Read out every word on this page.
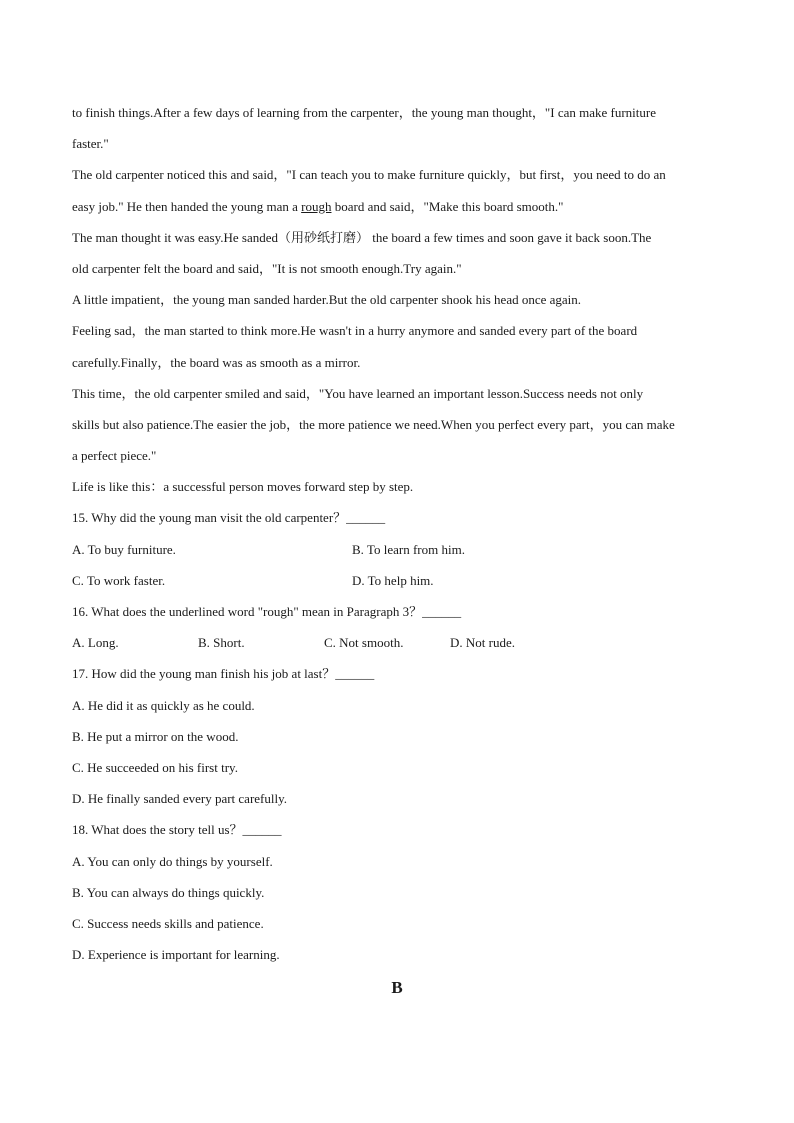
to finish things.After a few days of learning from the carpenter，the young man thought，"I can make furniture
faster."
The old carpenter noticed this and said，"I can teach you to make furniture quickly，but first，you need to do an
easy job." He then handed the young man a rough board and said，"Make this board smooth."
The man thought it was easy.He sanded（用砂纸打磨） the board a few times and soon gave it back soon.The
old carpenter felt the board and said，"It is not smooth enough.Try again."
A little impatient，the young man sanded harder.But the old carpenter shook his head once again.
Feeling sad，the man started to think more.He wasn't in a hurry anymore and sanded every part of the board
carefully.Finally，the board was as smooth as a mirror.
This time，the old carpenter smiled and said，"You have learned an important lesson.Success needs not only
skills but also patience.The easier the job，the more patience we need.When you perfect every part，you can make
a perfect piece."
Life is like this：a successful person moves forward step by step.
15. Why did the young man visit the old carpenter？______
A. To buy furniture.	B. To learn from him.
C. To work faster.	D. To help him.
16. What does the underlined word "rough" mean in Paragraph 3？______
A. Long.	B. Short.	C. Not smooth.	D. Not rude.
17. How did the young man finish his job at last？______
A. He did it as quickly as he could.
B. He put a mirror on the wood.
C. He succeeded on his first try.
D. He finally sanded every part carefully.
18. What does the story tell us？______
A. You can only do things by yourself.
B. You can always do things quickly.
C. Success needs skills and patience.
D. Experience is important for learning.
B
